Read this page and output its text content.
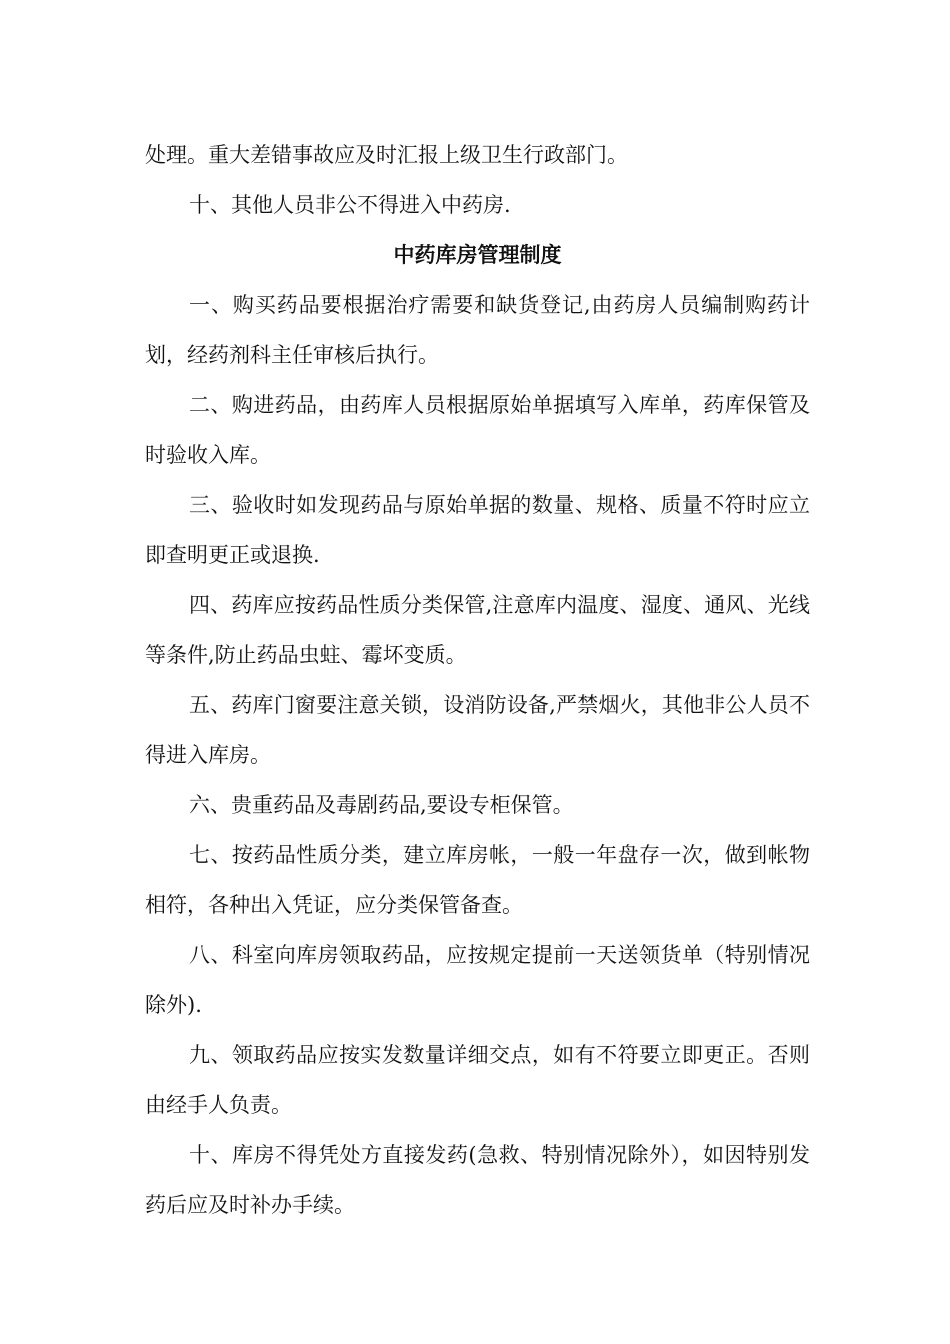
处理。重大差错事故应及时汇报上级卫生行政部门。

十、其他人员非公不得进入中药房.

中药库房管理制度

一、购买药品要根据治疗需要和缺货登记,由药房人员编制购药计划，经药剂科主任审核后执行。

二、购进药品，由药库人员根据原始单据填写入库单，药库保管及时验收入库。

三、验收时如发现药品与原始单据的数量、规格、质量不符时应立即查明更正或退换.

四、药库应按药品性质分类保管,注意库内温度、湿度、通风、光线等条件,防止药品虫蛀、霉坏变质。

五、药库门窗要注意关锁，设消防设备,严禁烟火，其他非公人员不得进入库房。

六、贵重药品及毒剧药品,要设专柜保管。

七、按药品性质分类，建立库房帐，一般一年盘存一次，做到帐物相符，各种出入凭证，应分类保管备查。

八、科室向库房领取药品，应按规定提前一天送领货单（特别情况除外).

九、领取药品应按实发数量详细交点，如有不符要立即更正。否则由经手人负责。

十、库房不得凭处方直接发药(急救、特别情况除外），如因特别发药后应及时补办手续。
